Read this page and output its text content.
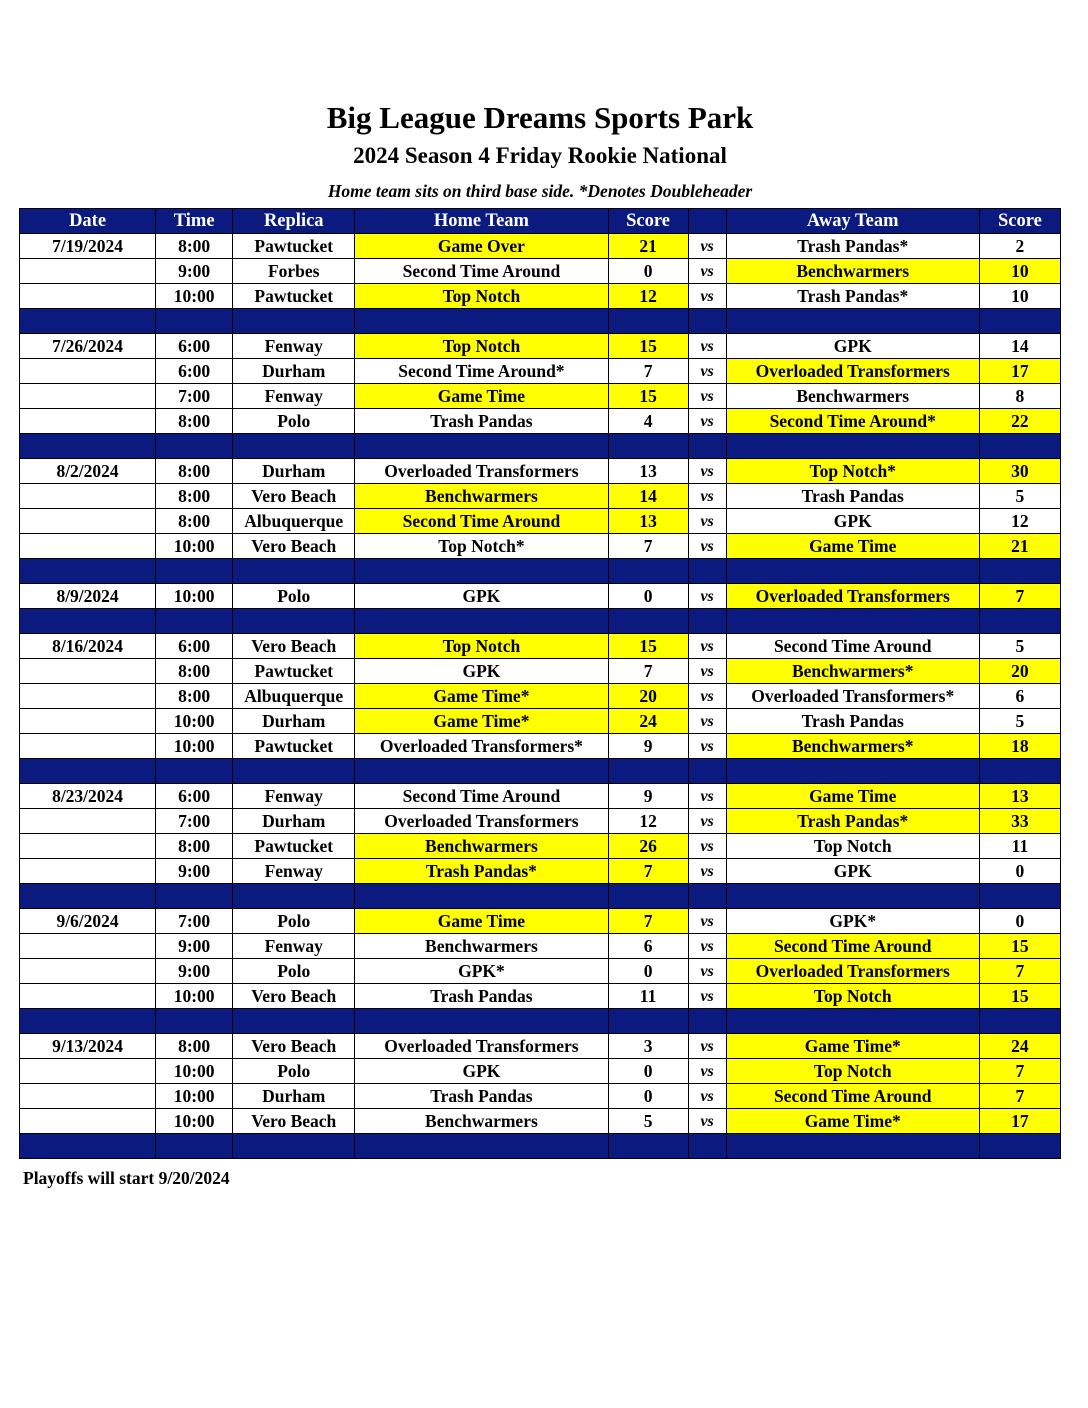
Big League Dreams Sports Park
2024 Season 4 Friday Rookie National
Home team sits on third base side. *Denotes Doubleheader
Date	Time	Replica	Home Team	Score		Away Team	Score
7/19/2024	8:00	Pawtucket	Game Over	21	vs	Trash Pandas*	2
	9:00	Forbes	Second Time Around	0	vs	Benchwarmers	10
	10:00	Pawtucket	Top Notch	12	vs	Trash Pandas*	10

7/26/2024	6:00	Fenway	Top Notch	15	vs	GPK	14
	6:00	Durham	Second Time Around*	7	vs	Overloaded Transformers	17
	7:00	Fenway	Game Time	15	vs	Benchwarmers	8
	8:00	Polo	Trash Pandas	4	vs	Second Time Around*	22

8/2/2024	8:00	Durham	Overloaded Transformers	13	vs	Top Notch*	30
	8:00	Vero Beach	Benchwarmers	14	vs	Trash Pandas	5
	8:00	Albuquerque	Second Time Around	13	vs	GPK	12
	10:00	Vero Beach	Top Notch*	7	vs	Game Time	21

8/9/2024	10:00	Polo	GPK	0	vs	Overloaded Transformers	7

8/16/2024	6:00	Vero Beach	Top Notch	15	vs	Second Time Around	5
	8:00	Pawtucket	GPK	7	vs	Benchwarmers*	20
	8:00	Albuquerque	Game Time*	20	vs	Overloaded Transformers*	6
	10:00	Durham	Game Time*	24	vs	Trash Pandas	5
	10:00	Pawtucket	Overloaded Transformers*	9	vs	Benchwarmers*	18

8/23/2024	6:00	Fenway	Second Time Around	9	vs	Game Time	13
	7:00	Durham	Overloaded Transformers	12	vs	Trash Pandas*	33
	8:00	Pawtucket	Benchwarmers	26	vs	Top Notch	11
	9:00	Fenway	Trash Pandas*	7	vs	GPK	0

9/6/2024	7:00	Polo	Game Time	7	vs	GPK*	0
	9:00	Fenway	Benchwarmers	6	vs	Second Time Around	15
	9:00	Polo	GPK*	0	vs	Overloaded Transformers	7
	10:00	Vero Beach	Trash Pandas	11	vs	Top Notch	15

9/13/2024	8:00	Vero Beach	Overloaded Transformers	3	vs	Game Time*	24
	10:00	Polo	GPK	0	vs	Top Notch	7
	10:00	Durham	Trash Pandas	0	vs	Second Time Around	7
	10:00	Vero Beach	Benchwarmers	5	vs	Game Time*	17

Playoffs will start 9/20/2024
